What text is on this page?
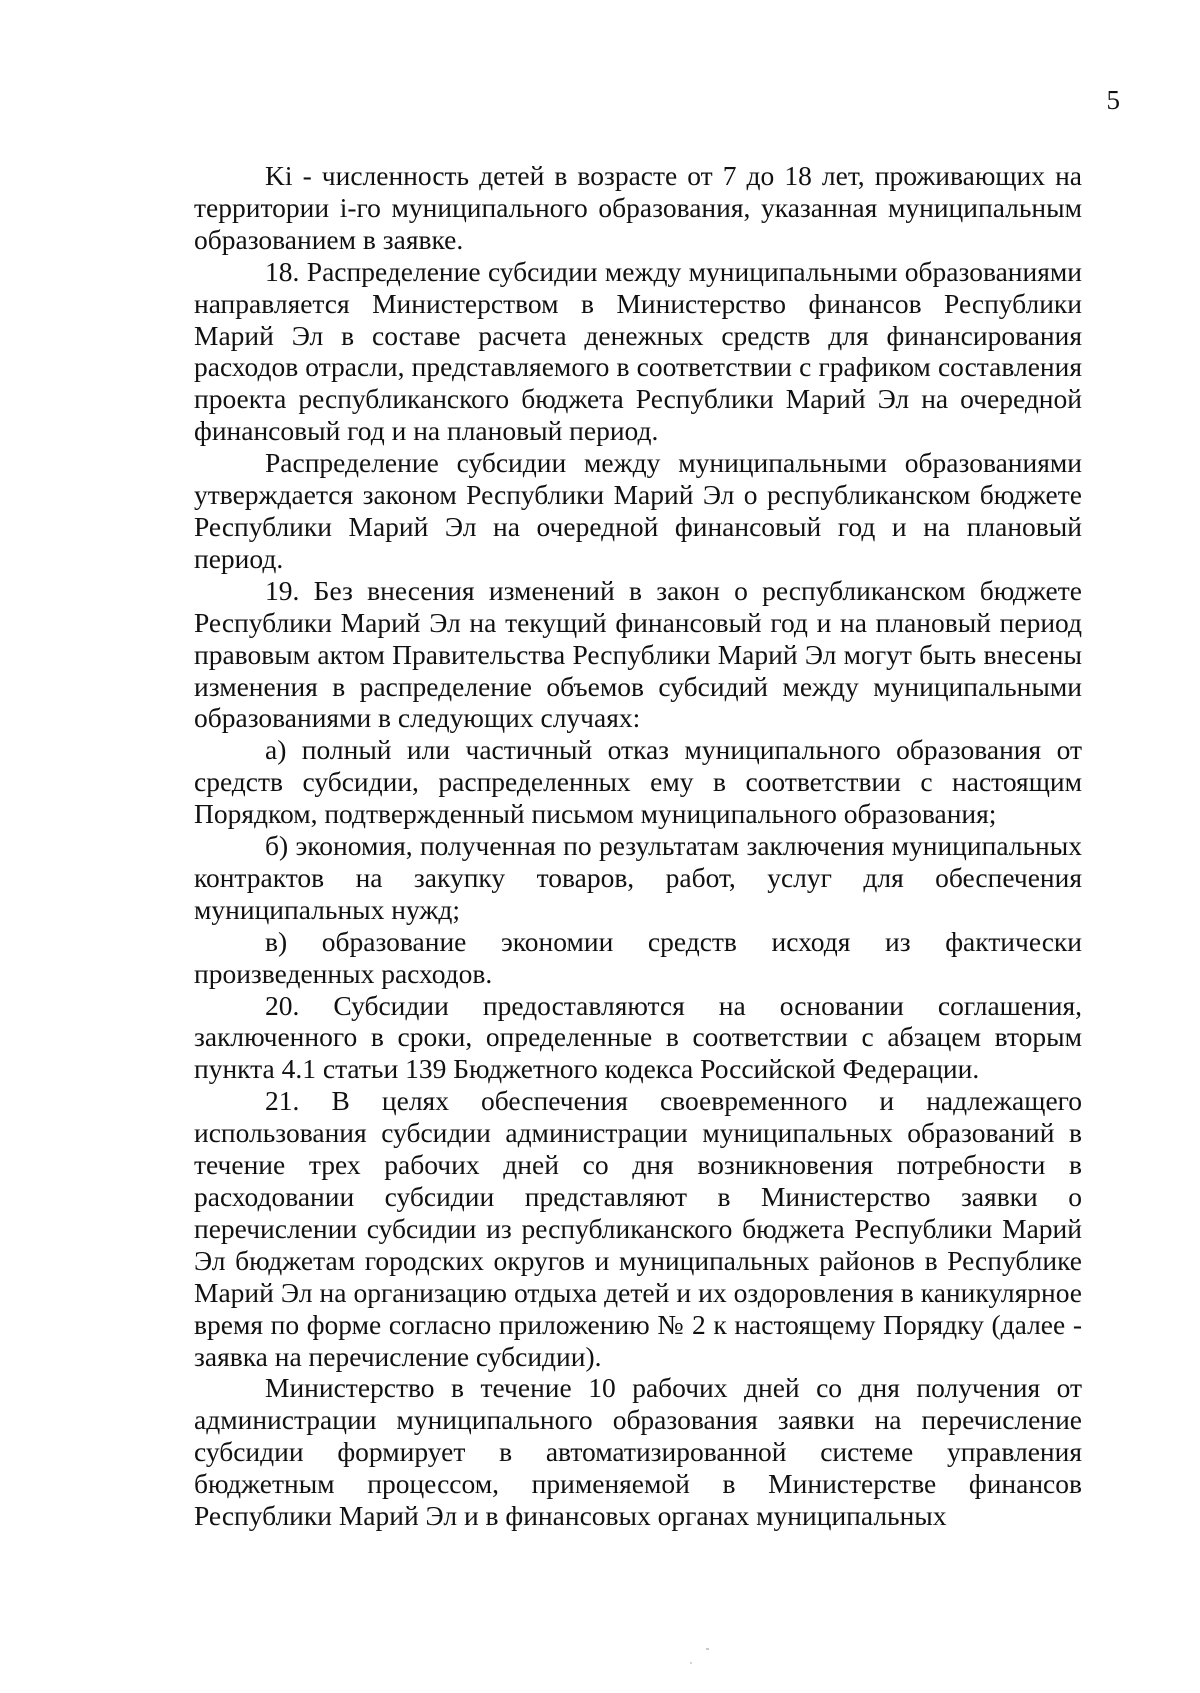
5

Ki - численность детей в возрасте от 7 до 18 лет, проживающих на территории i-го муниципального образования, указанная муниципальным образованием в заявке.

18. Распределение субсидии между муниципальными образованиями направляется Министерством в Министерство финансов Республики Марий Эл в составе расчета денежных средств для финансирования расходов отрасли, представляемого в соответствии с графиком составления проекта республиканского бюджета Республики Марий Эл на очередной финансовый год и на плановый период.

Распределение субсидии между муниципальными образованиями утверждается законом Республики Марий Эл о республиканском бюджете Республики Марий Эл на очередной финансовый год и на плановый период.

19. Без внесения изменений в закон о республиканском бюджете Республики Марий Эл на текущий финансовый год и на плановый период правовым актом Правительства Республики Марий Эл могут быть внесены изменения в распределение объемов субсидий между муниципальными образованиями в следующих случаях:

а) полный или частичный отказ муниципального образования от средств субсидии, распределенных ему в соответствии с настоящим Порядком, подтвержденный письмом муниципального образования;

б) экономия, полученная по результатам заключения муниципальных контрактов на закупку товаров, работ, услуг для обеспечения муниципальных нужд;

в) образование экономии средств исходя из фактически произведенных расходов.

20. Субсидии предоставляются на основании соглашения, заключенного в сроки, определенные в соответствии с абзацем вторым пункта 4.1 статьи 139 Бюджетного кодекса Российской Федерации.

21. В целях обеспечения своевременного и надлежащего использования субсидии администрации муниципальных образований в течение трех рабочих дней со дня возникновения потребности в расходовании субсидии представляют в Министерство заявки о перечислении субсидии из республиканского бюджета Республики Марий Эл бюджетам городских округов и муниципальных районов в Республике Марий Эл на организацию отдыха детей и их оздоровления в каникулярное время по форме согласно приложению № 2 к настоящему Порядку (далее - заявка на перечисление субсидии).

Министерство в течение 10 рабочих дней со дня получения от администрации муниципального образования заявки на перечисление субсидии формирует в автоматизированной системе управления бюджетным процессом, применяемой в Министерстве финансов Республики Марий Эл и в финансовых органах муниципальных
